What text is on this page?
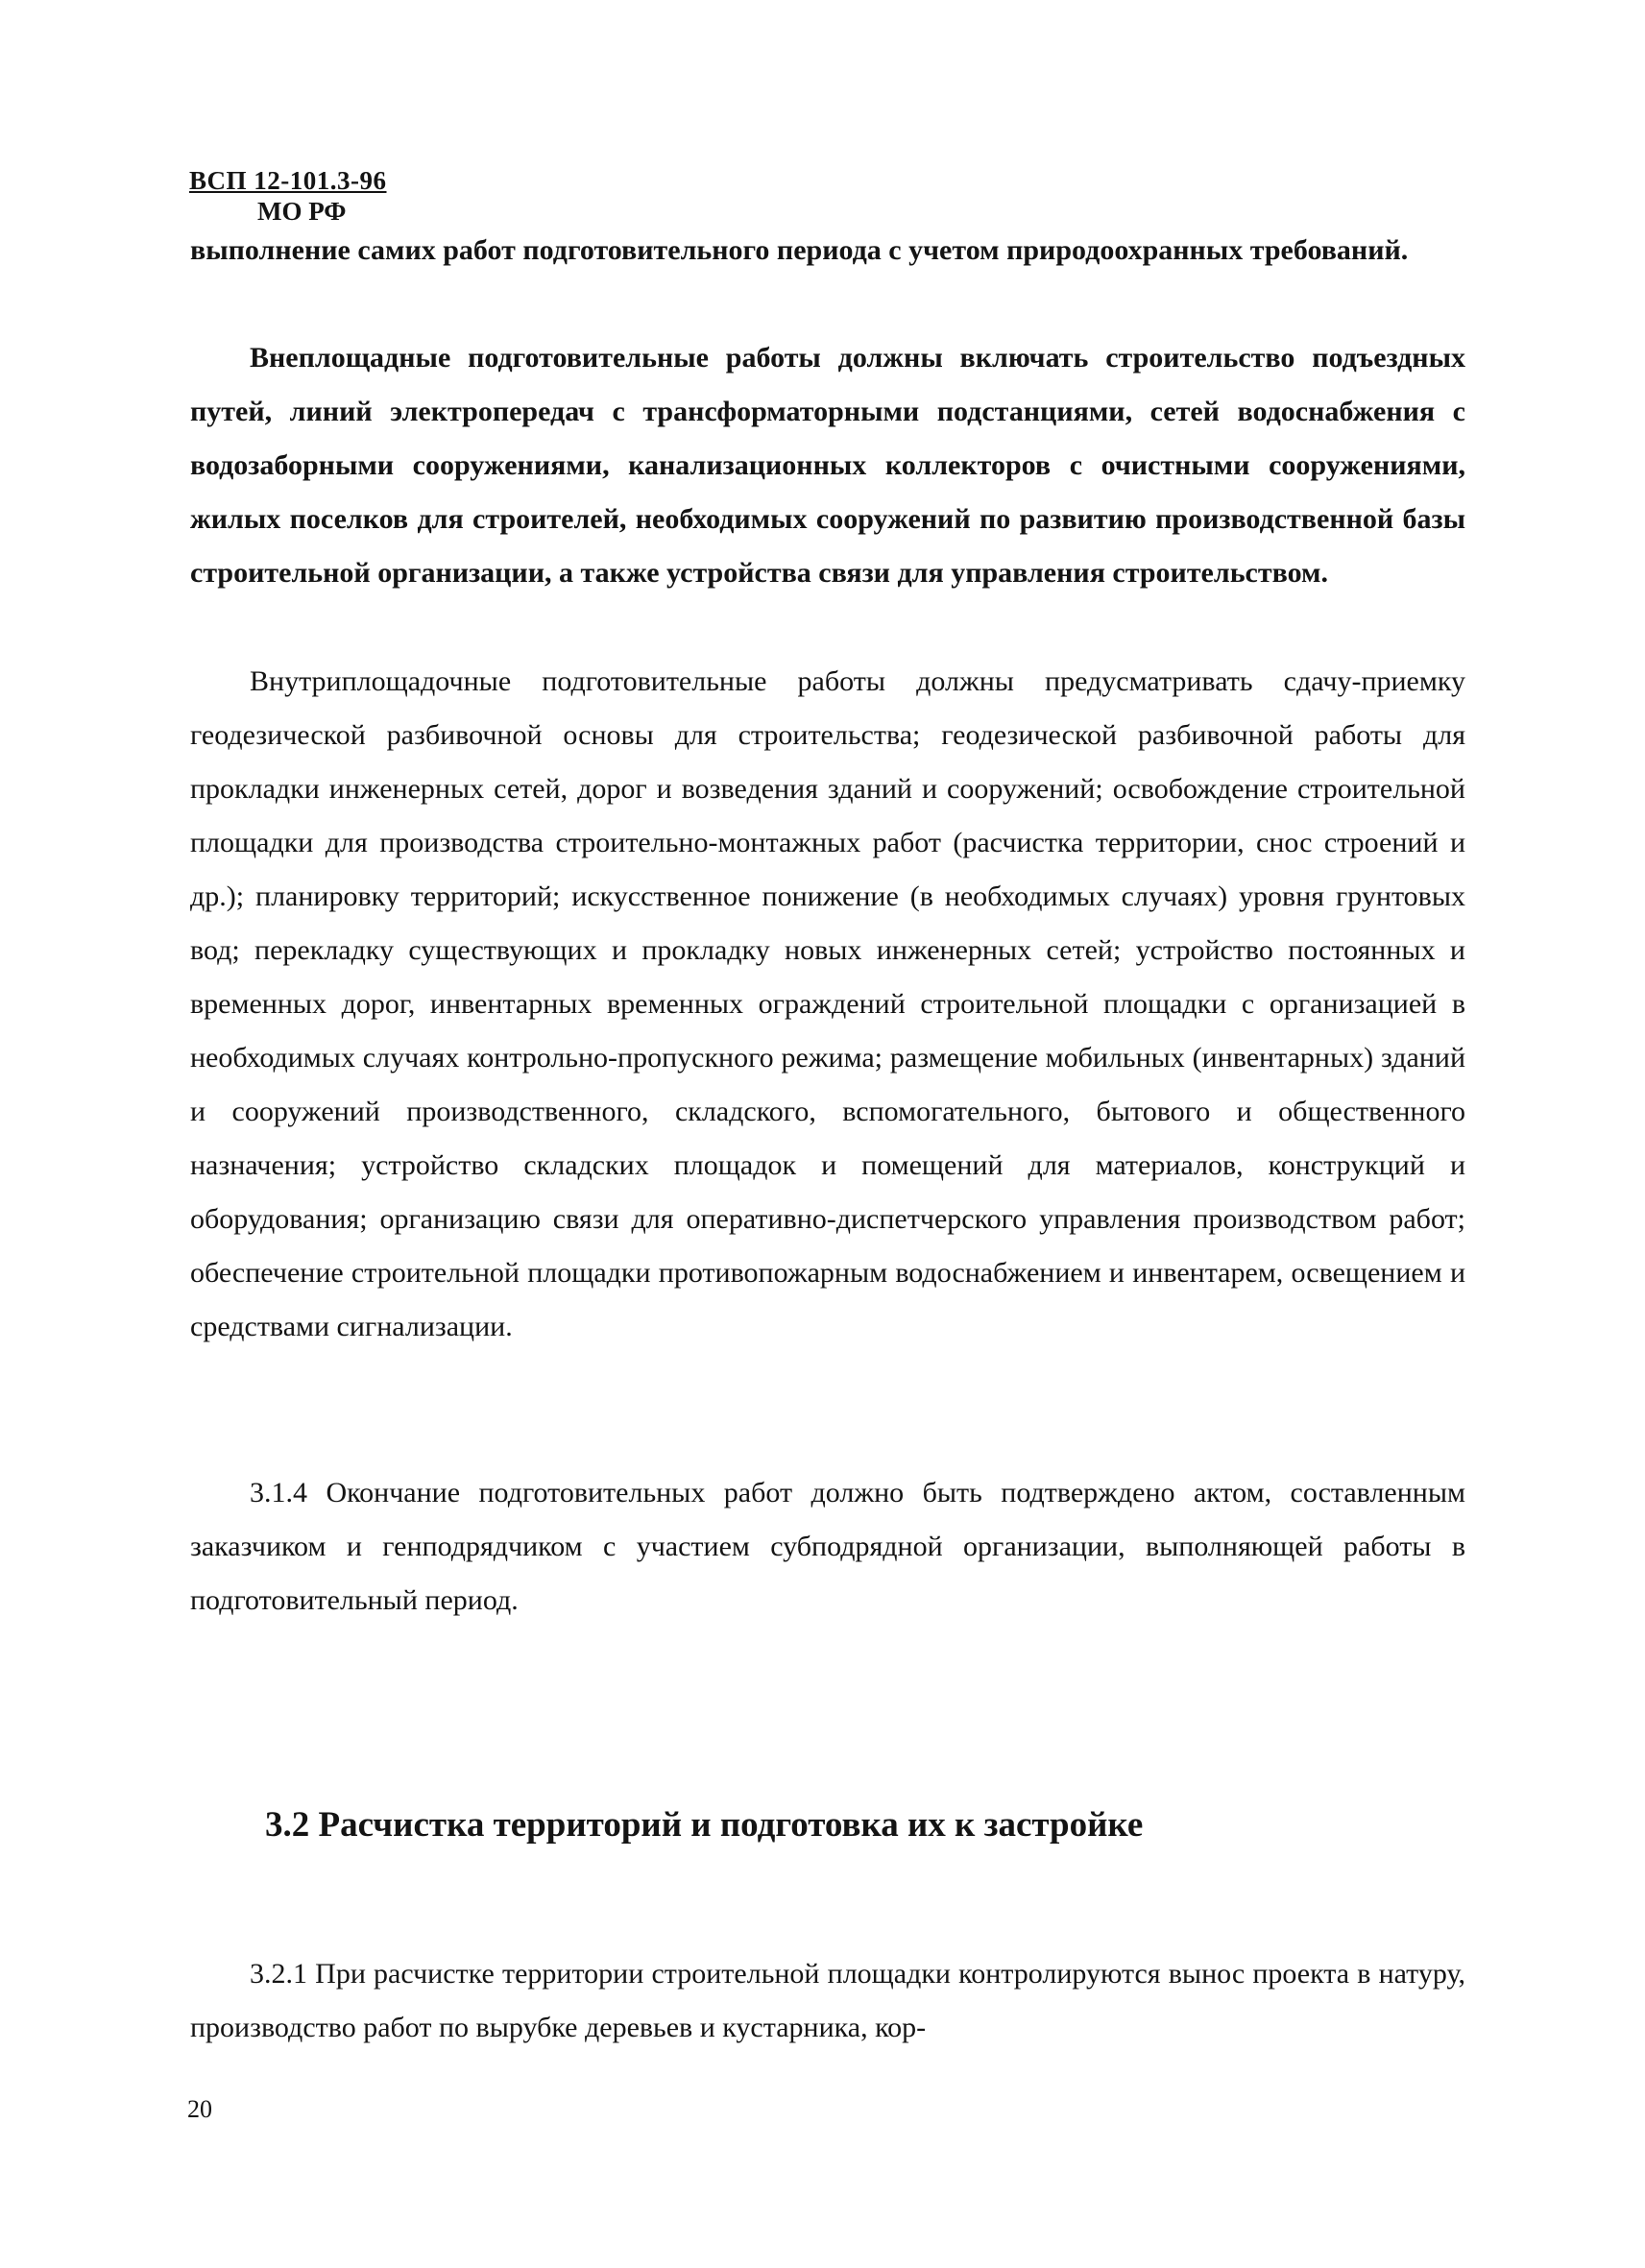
ВСП 12-101.3-96
МО РФ

выполнение самих работ подготовительного периода с учетом природоохранных требований.

Внеплощадные подготовительные работы должны включать строительство подъездных путей, линий электропередач с трансформаторными подстанциями, сетей водоснабжения с водозаборными сооружениями, канализационных коллекторов с очистными сооружениями, жилых поселков для строителей, необходимых сооружений по развитию производственной базы строительной организации, а также устройства связи для управления строительством.

Внутриплощадочные подготовительные работы должны предусматривать сдачу-приемку геодезической разбивочной основы для строительства; геодезической разбивочной работы для прокладки инженерных сетей, дорог и возведения зданий и сооружений; освобождение строительной площадки для производства строительно-монтажных работ (расчистка территории, снос строений и др.); планировку территорий; искусственное понижение (в необходимых случаях) уровня грунтовых вод; перекладку существующих и прокладку новых инженерных сетей; устройство постоянных и временных дорог, инвентарных временных ограждений строительной площадки с организацией в необходимых случаях контрольно-пропускного режима; размещение мобильных (инвентарных) зданий и сооружений производственного, складского, вспомогательного, бытового и общественного назначения; устройство складских площадок и помещений для материалов, конструкций и оборудования; организацию связи для оперативно-диспетчерского управления производством работ; обеспечение строительной площадки противопожарным водоснабжением и инвентарем, освещением и средствами сигнализации.

3.1.4 Окончание подготовительных работ должно быть подтверждено актом, составленным заказчиком и генподрядчиком с участием субподрядной организации, выполняющей работы в подготовительный период.

3.2 Расчистка территорий и подготовка их к застройке

3.2.1 При расчистке территории строительной площадки контролируются вынос проекта в натуру, производство работ по вырубке деревьев и кустарника, кор-

20
